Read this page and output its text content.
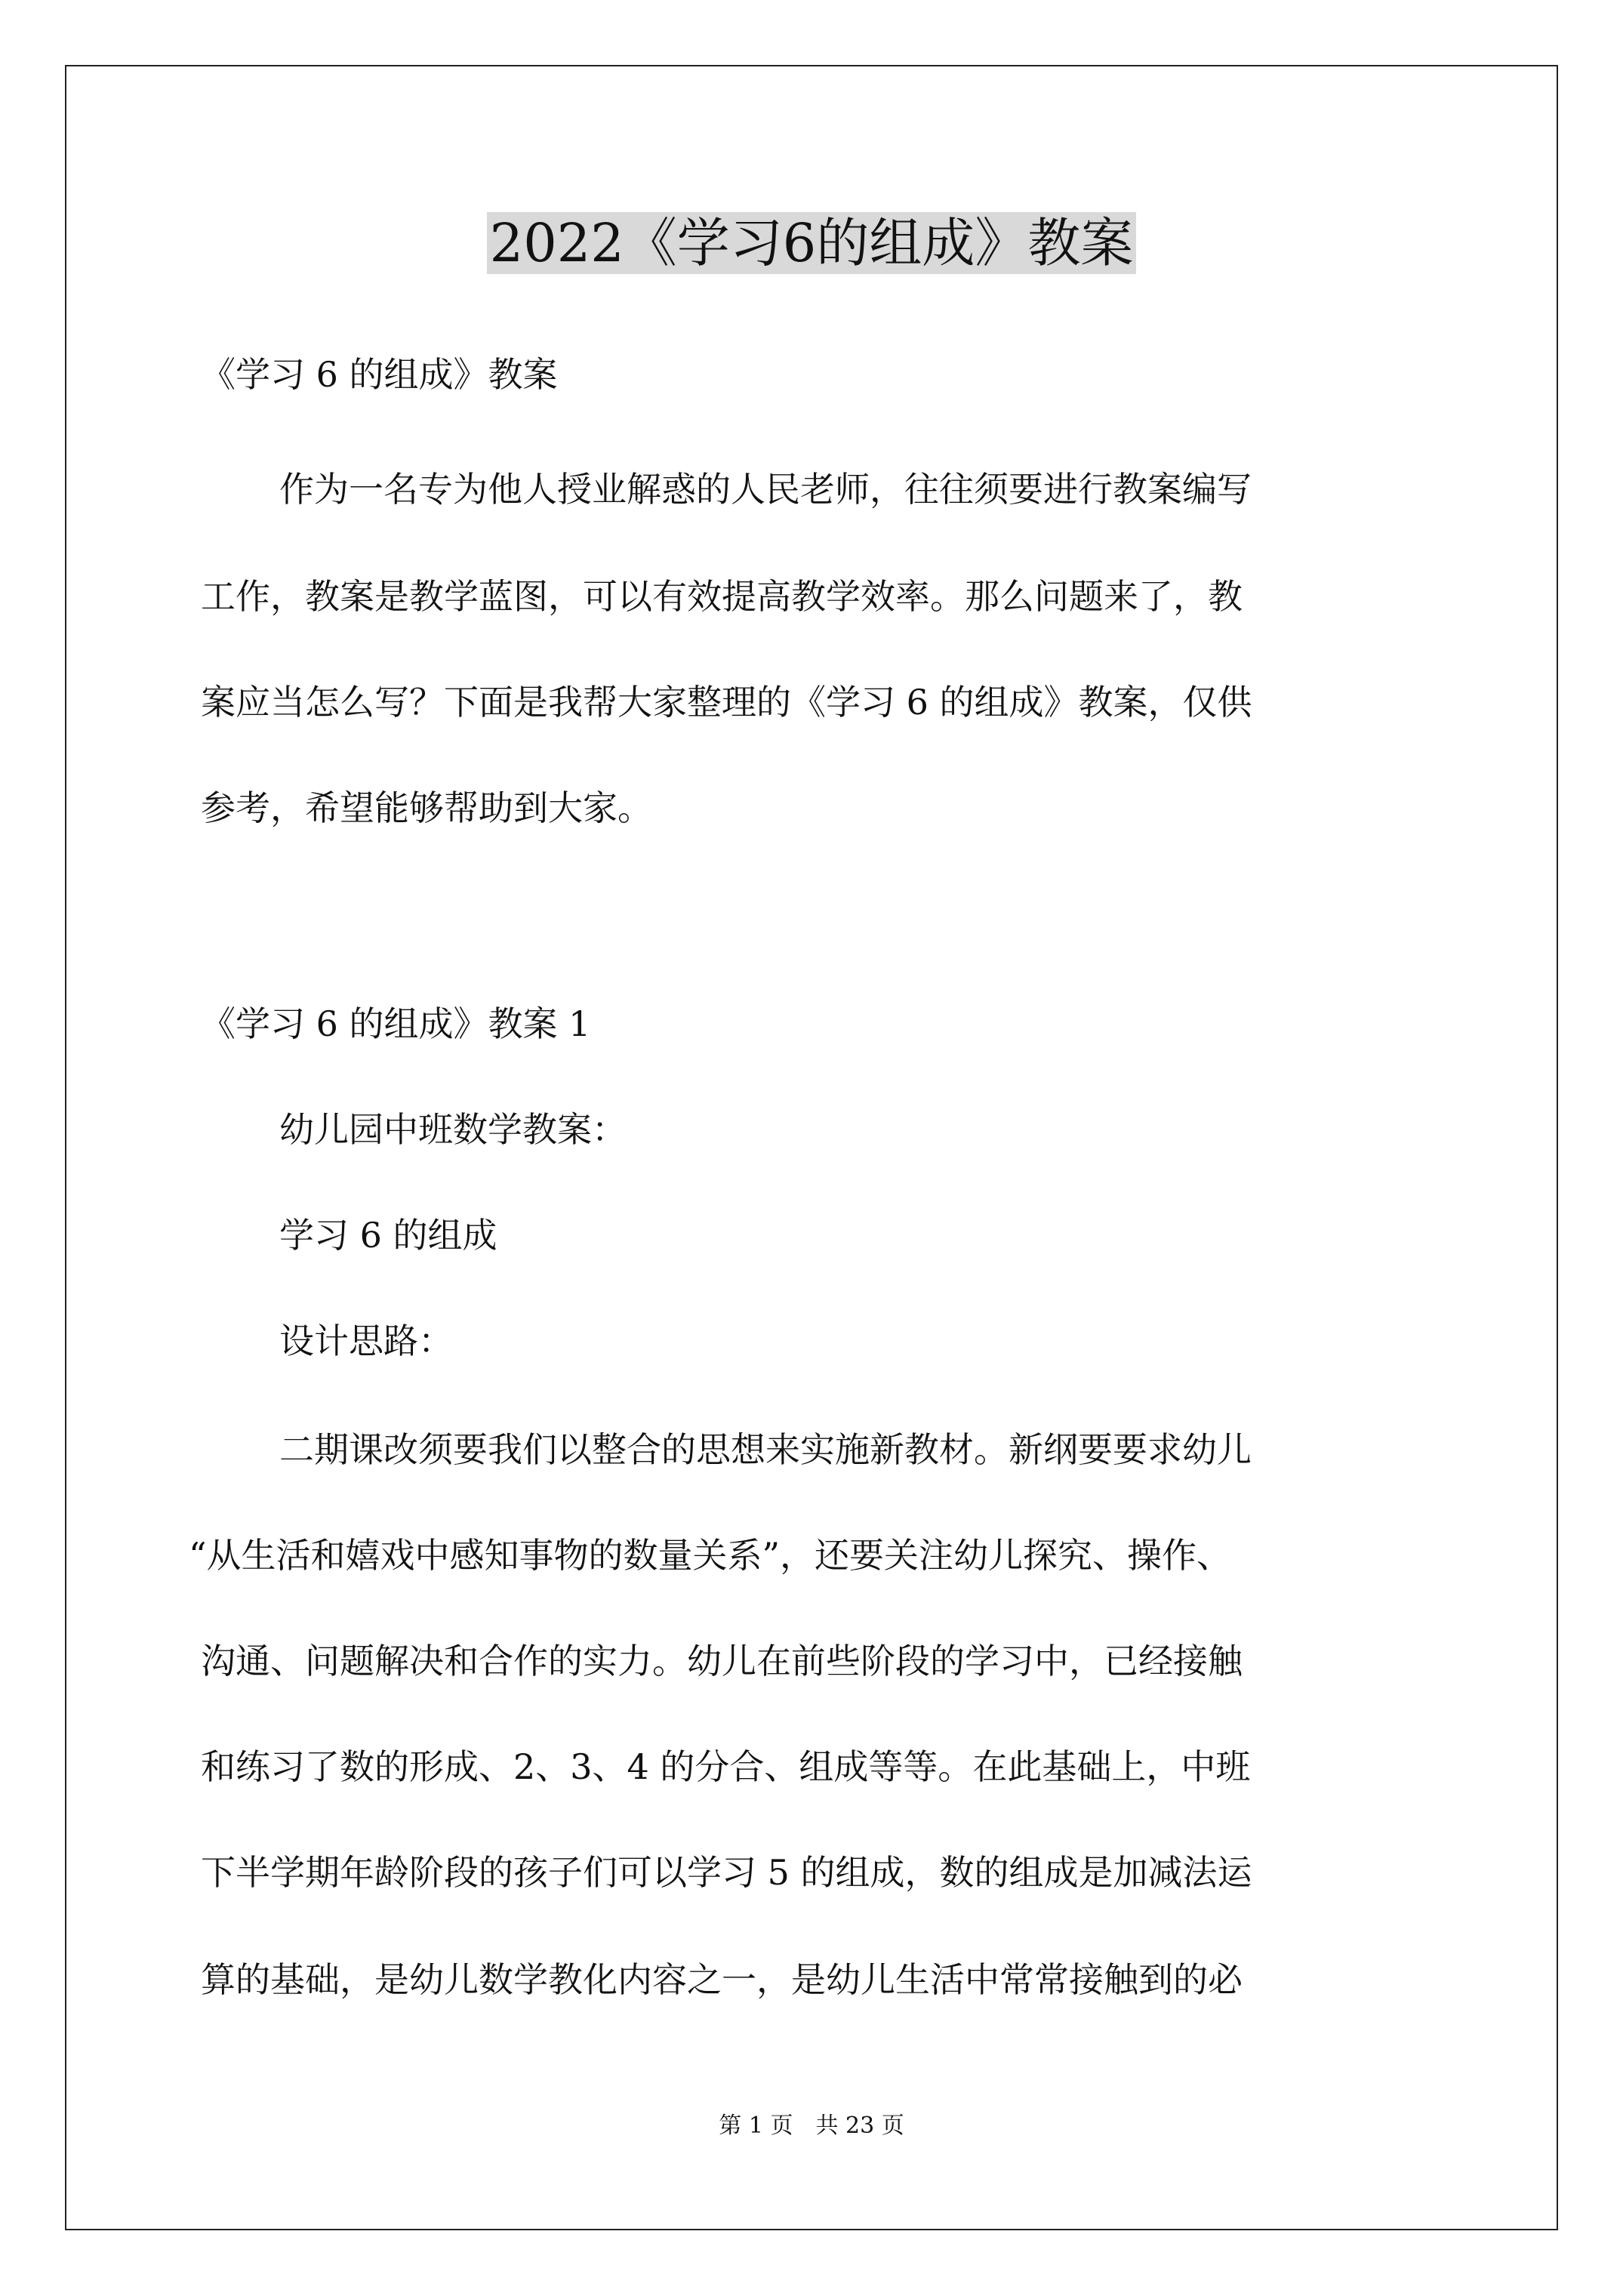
2022《学习6的组成》教案

《学习 6 的组成》教案

作为一名专为他人授业解惑的人民老师，往往须要进行教案编写

工作，教案是教学蓝图，可以有效提高教学效率。那么问题来了，教

案应当怎么写？下面是我帮大家整理的《学习 6 的组成》教案，仅供

参考，希望能够帮助到大家。

《学习 6 的组成》教案 1

幼儿园中班数学教案：

学习 6 的组成

设计思路：

二期课改须要我们以整合的思想来实施新教材。新纲要要求幼儿

“从生活和嬉戏中感知事物的数量关系”，还要关注幼儿探究、操作、

沟通、问题解决和合作的实力。幼儿在前些阶段的学习中，已经接触

和练习了数的形成、2、3、4 的分合、组成等等。在此基础上，中班

下半学期年龄阶段的孩子们可以学习 5 的组成，数的组成是加减法运

算的基础，是幼儿数学教化内容之一，是幼儿生活中常常接触到的必

第 1 页　共 23 页
